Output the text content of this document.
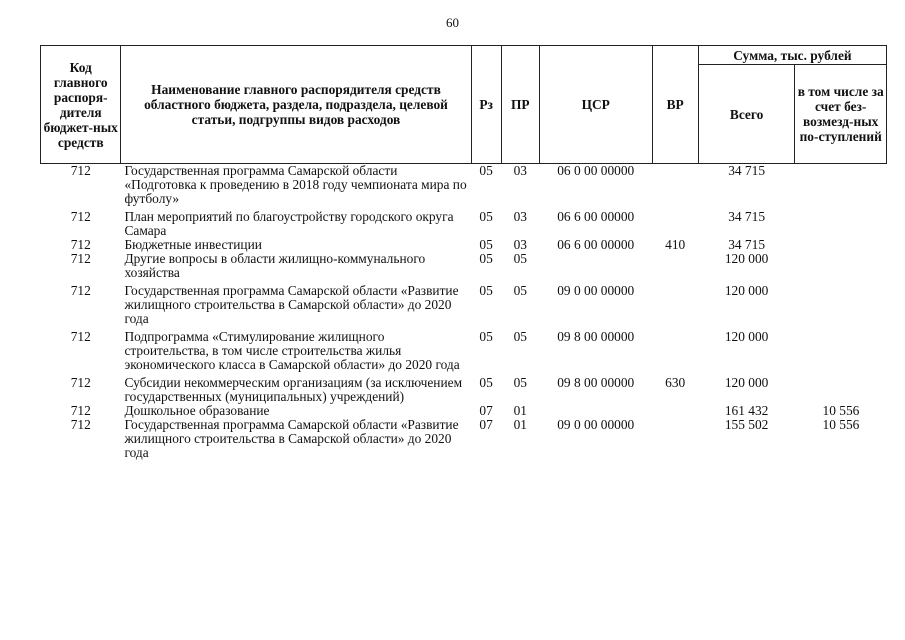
60
Код главного распоря-дителя бюджет-ных средств	Наименование главного распорядителя средств областного бюджета, раздела, подраздела, целевой статьи, подгруппы видов расходов	Рз	ПР	ЦСР	ВР	Сумма, тыс. рублей	
						Всего	в том числе за счет без-возмезд-ных по-ступлений
712	Государственная программа Самарской области «Подготовка к проведению в 2018 году чемпионата мира по футболу»	05	03	06 0 00 00000		34 715	
712	План мероприятий по благоустройству городского округа Самара	05	03	06 6 00 00000		34 715	
712	Бюджетные инвестиции	05	03	06 6 00 00000	410	34 715	
712	Другие вопросы в области жилищно-коммунального хозяйства	05	05			120 000	
712	Государственная программа Самарской области «Развитие жилищного строительства в Самарской области» до 2020 года	05	05	09 0 00 00000		120 000	
712	Подпрограмма «Стимулирование жилищного строительства, в том числе строительства жилья экономического класса в Самарской области» до 2020 года	05	05	09 8 00 00000		120 000	
712	Субсидии некоммерческим организациям (за исключением государственных (муниципальных) учреждений)	05	05	09 8 00 00000	630	120 000	
712	Дошкольное образование	07	01			161 432	10 556
712	Государственная программа Самарской области «Развитие жилищного строительства в Самарской области» до 2020 года	07	01	09 0 00 00000		155 502	10 556
